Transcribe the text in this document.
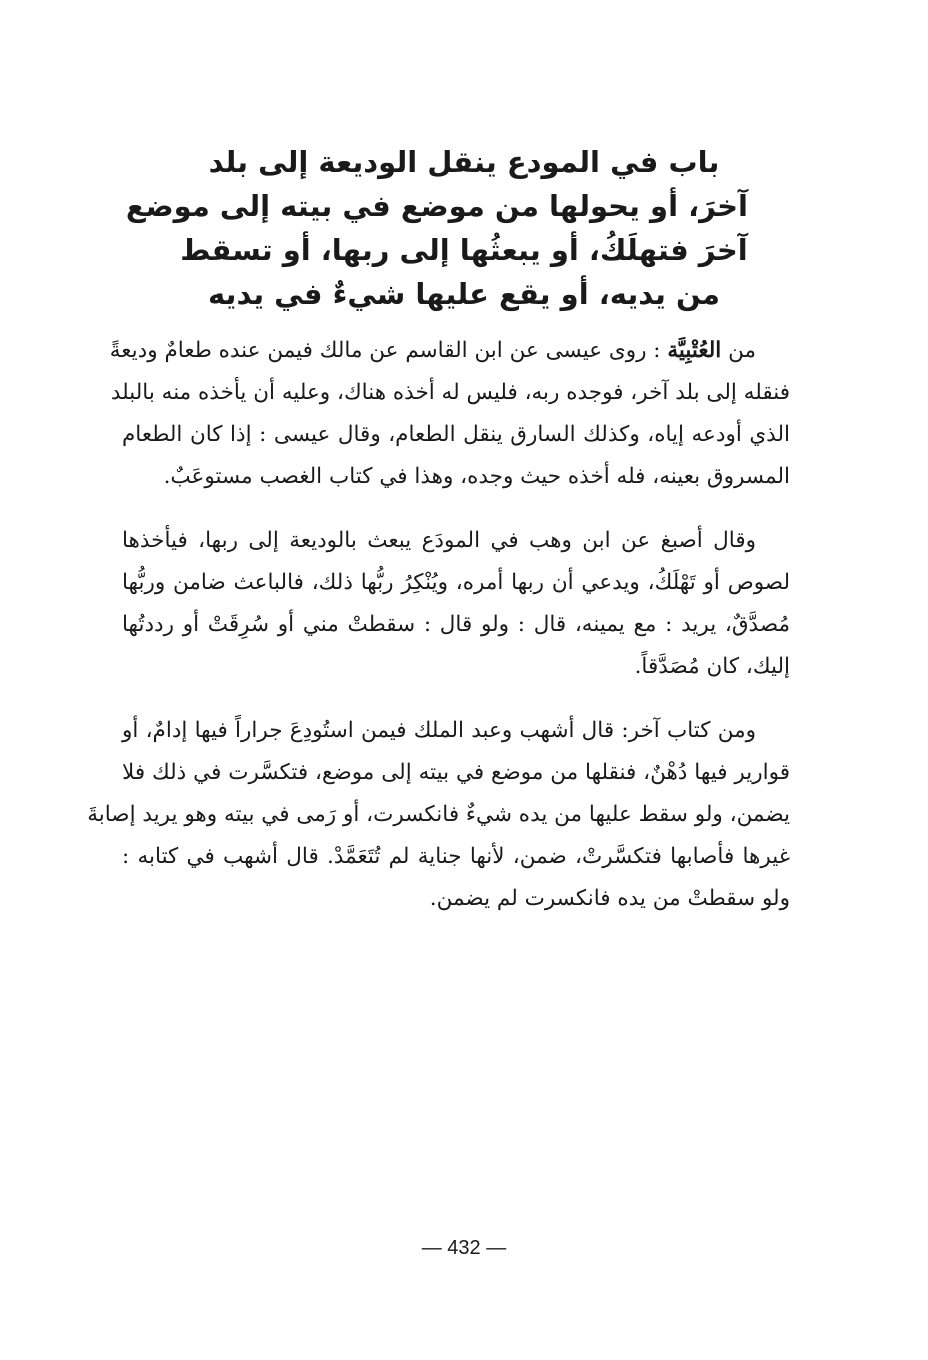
باب في المودع ينقل الوديعة إلى بلد
آخرَ، أو يحولها من موضع في بيته إلى موضع
آخرَ فتهلَكُ، أو يبعثُها إلى ربها، أو تسقط
من يديه، أو يقع عليها شيءٌ في يديه
من العُتْبِيَّة : روى عيسى عن ابن القاسم عن مالك فيمن عنده طعامٌ وديعةً
فنقله إلى بلد آخر، فوجده ربه، فليس له أخذه هناك، وعليه أن يأخذه منه بالبلد
الذي أودعه إياه، وكذلك السارق ينقل الطعام، وقال عيسى : إذا كان الطعام
المسروق بعينه، فله أخذه حيث وجده، وهذا في كتاب الغصب مستوعَبٌ.
وقال أصبغ عن ابن وهب في المودَع يبعث بالوديعة إلى ربها، فيأخذها
لصوص أو تَهْلَكُ، ويدعي أن ربها أمره، ويُنْكِرُ ربُّها ذلك، فالباعث ضامن وربُّها
مُصدَّقٌ، يريد : مع يمينه، قال : ولو قال : سقطتْ مني أو سُرِقَتْ أو رددتُها
إليك، كان مُصَدَّقاً.
ومن كتاب آخر: قال أشهب وعبد الملك فيمن استُودِعَ جراراً فيها إدامٌ، أو
قوارير فيها دُهْنٌ، فنقلها من موضع في بيته إلى موضع، فتكسَّرت في ذلك فلا
يضمن، ولو سقط عليها من يده شيءٌ فانكسرت، أو رَمى في بيته وهو يريد إصابةَ
غيرها فأصابها فتكسَّرتْ، ضمن، لأنها جناية لم تُتَعَمَّدْ. قال أشهب في كتابه :
ولو سقطتْ من يده فانكسرت لم يضمن.
— 432 —
